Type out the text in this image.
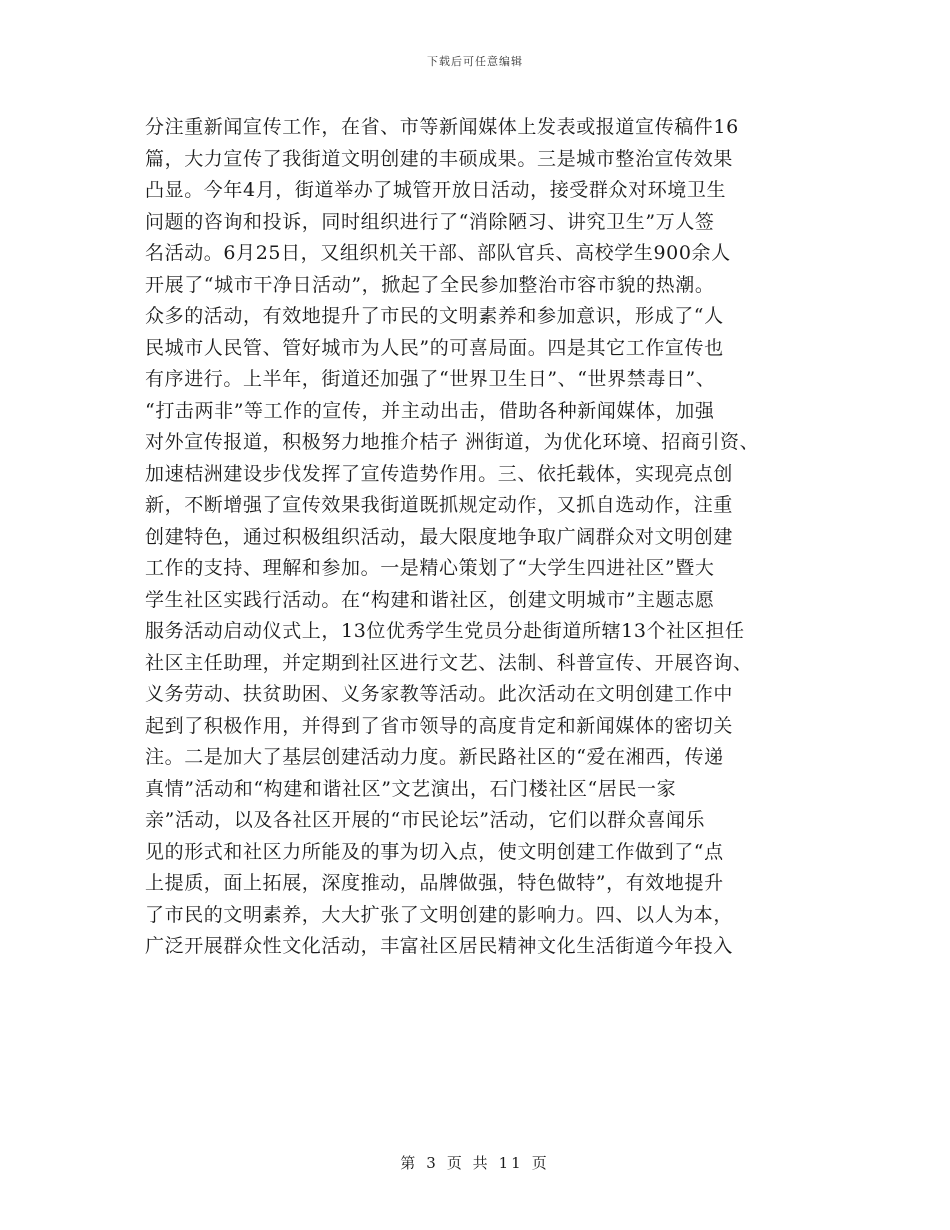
下载后可任意编辑
分注重新闻宣传工作，在省、市等新闻媒体上发表或报道宣传稿件16
篇，大力宣传了我街道文明创建的丰硕成果。三是城市整治宣传效果
凸显。今年4月，街道举办了城管开放日活动，接受群众对环境卫生
问题的咨询和投诉，同时组织进行了“消除陋习、讲究卫生”万人签
名活动。6月25日，又组织机关干部、部队官兵、高校学生900余人
开展了“城市干净日活动”，掀起了全民参加整治市容市貌的热潮。
众多的活动，有效地提升了市民的文明素养和参加意识，形成了“人
民城市人民管、管好城市为人民”的可喜局面。四是其它工作宣传也
有序进行。上半年，街道还加强了“世界卫生日”、“世界禁毒日”、
“打击两非”等工作的宣传，并主动出击，借助各种新闻媒体，加强
对外宣传报道，积极努力地推介桔子 洲街道，为优化环境、招商引资、
加速桔洲建设步伐发挥了宣传造势作用。三、依托载体，实现亮点创
新，不断增强了宣传效果我街道既抓规定动作，又抓自选动作，注重
创建特色，通过积极组织活动，最大限度地争取广阔群众对文明创建
工作的支持、理解和参加。一是精心策划了“大学生四进社区”暨大
学生社区实践行活动。在“构建和谐社区，创建文明城市”主题志愿
服务活动启动仪式上，13位优秀学生党员分赴街道所辖13个社区担任
社区主任助理，并定期到社区进行文艺、法制、科普宣传、开展咨询、
义务劳动、扶贫助困、义务家教等活动。此次活动在文明创建工作中
起到了积极作用，并得到了省市领导的高度肯定和新闻媒体的密切关
注。二是加大了基层创建活动力度。新民路社区的“爱在湘西，传递
真情”活动和“构建和谐社区”文艺演出，石门楼社区“居民一家
亲”活动，以及各社区开展的“市民论坛”活动，它们以群众喜闻乐
见的形式和社区力所能及的事为切入点，使文明创建工作做到了“点
上提质，面上拓展，深度推动，品牌做强，特色做特”，有效地提升
了市民的文明素养，大大扩张了文明创建的影响力。四、以人为本，
广泛开展群众性文化活动，丰富社区居民精神文化生活街道今年投入
第 3 页 共 11 页
